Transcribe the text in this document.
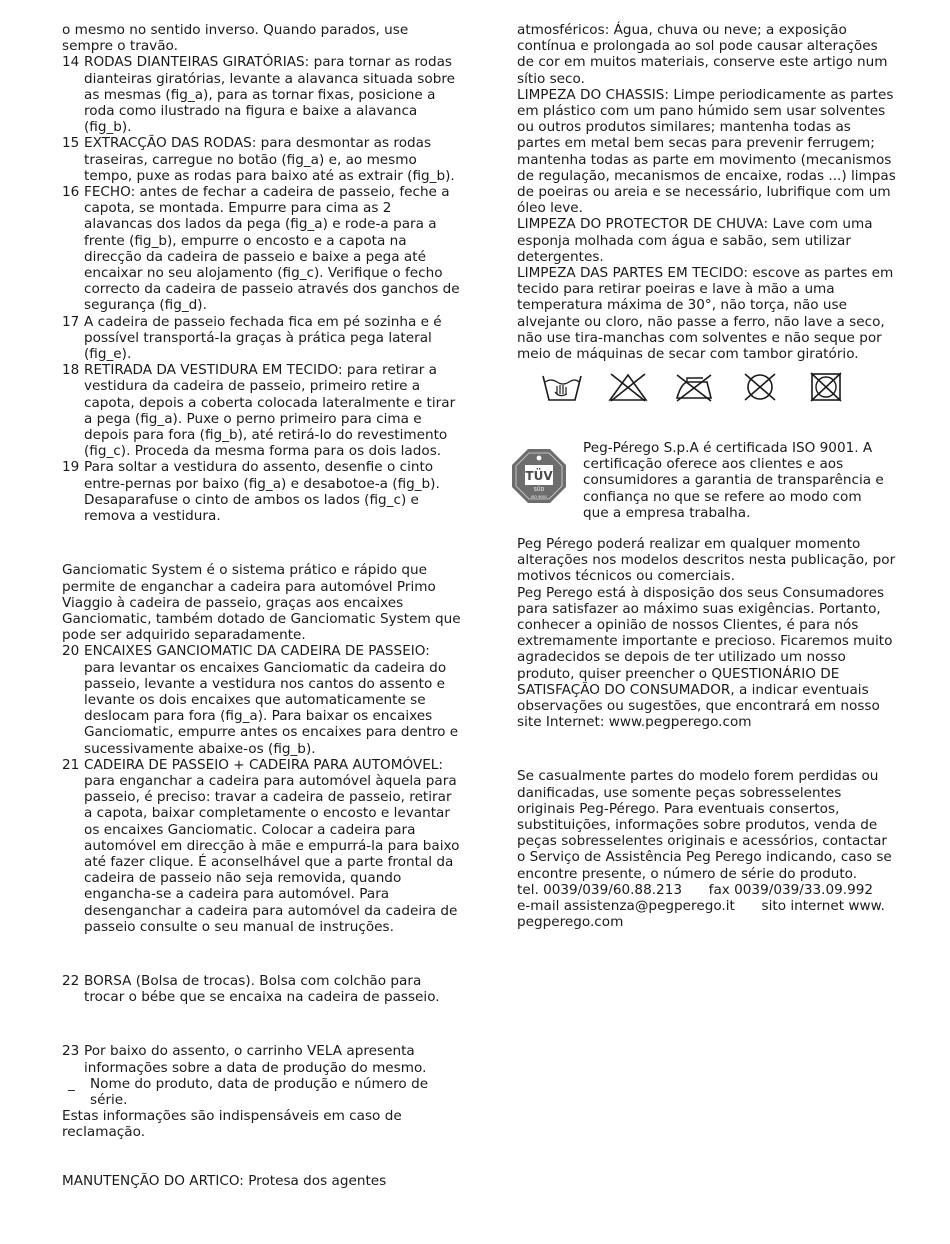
o mesmo no sentido inverso. Quando parados, use sempre o travão.

14 RODAS DIANTEIRAS GIRATÓRIAS: para tornar as rodas dianteiras giratórias, levante a alavanca situada sobre as mesmas (fig_a), para as tornar fixas, posicione a roda como ilustrado na figura e baixe a alavanca (fig_b).
15 EXTRACÇÃO DAS RODAS: para desmontar as rodas traseiras, carregue no botão (fig_a) e, ao mesmo tempo, puxe as rodas para baixo até as extrair (fig_b).
16 FECHO: antes de fechar a cadeira de passeio, feche a capota, se montada. Empurre para cima as 2 alavancas dos lados da pega (fig_a) e rode-a para a frente (fig_b), empurre o encosto e a capota na direcção da cadeira de passeio e baixe a pega até encaixar no seu alojamento (fig_c). Verifique o fecho correcto da cadeira de passeio através dos ganchos de segurança (fig_d).
17 A cadeira de passeio fechada fica em pé sozinha e é possível transportá-la graças à prática pega lateral (fig_e).
18 RETIRADA DA VESTIDURA EM TECIDO: para retirar a vestidura da cadeira de passeio, primeiro retire a capota, depois a coberta colocada lateralmente e tirar a pega (fig_a). Puxe o perno primeiro para cima e depois para fora (fig_b), até retirá-lo do revestimento (fig_c). Proceda da mesma forma para os dois lados.
19 Para soltar a vestidura do assento, desenfie o cinto entre-pernas por baixo (fig_a) e desabotoe-a (fig_b). Desaparafuse o cinto de ambos os lados (fig_c) e remova a vestidura.

Ganciomatic System é o sistema prático e rápido que permite de enganchar a cadeira para automóvel Primo Viaggio à cadeira de passeio, graças aos encaixes Ganciomatic, também dotado de Ganciomatic System que pode ser adquirido separadamente.

20 ENCAIXES GANCIOMATIC DA CADEIRA DE PASSEIO: para levantar os encaixes Ganciomatic da cadeira do passeio, levante a vestidura nos cantos do assento e levante os dois encaixes que automaticamente se deslocam para fora (fig_a). Para baixar os encaixes Ganciomatic, empurre antes os encaixes para dentro e sucessivamente abaixe-os (fig_b).
21 CADEIRA DE PASSEIO + CADEIRA PARA AUTOMÓVEL: para enganchar a cadeira para automóvel àquela para passeio, é preciso: travar a cadeira de passeio, retirar a capota, baixar completamente o encosto e levantar os encaixes Ganciomatic. Colocar a cadeira para automóvel em direcção à mãe e empurrá-la para baixo até fazer clique. É aconselhável que a parte frontal da cadeira de passeio não seja removida, quando engancha-se a cadeira para automóvel. Para desenganchar a cadeira para automóvel da cadeira de passeio consulte o seu manual de instruções.
22 BORSA (Bolsa de trocas). Bolsa com colchão para trocar o bébe que se encaixa na cadeira de passeio.
23 Por baixo do assento, o carrinho VELA apresenta informações sobre a data de produção do mesmo.
_	Nome do produto, data de produção e número de série.

Estas informações são indispensáveis em caso de reclamação.

MANUTENÇÃO DO ARTICO: Protesa dos agentes

atmosféricos: Água, chuva ou neve; a exposição contínua e prolongada ao sol pode causar alterações de cor em muitos materiais, conserve este artigo num sítio seco.

LIMPEZA DO CHASSIS: Limpe periodicamente as partes em plástico com um pano húmido sem usar solventes ou outros produtos similares; mantenha todas as partes em metal bem secas para prevenir ferrugem; mantenha todas as parte em movimento (mecanismos de regulação, mecanismos de encaixe, rodas ...) limpas de poeiras ou areia e se necessário, lubrifique com um óleo leve.

LIMPEZA DO PROTECTOR DE CHUVA: Lave com uma esponja molhada com água e sabão, sem utilizar detergentes.

LIMPEZA DAS PARTES EM TECIDO: escove as partes em tecido para retirar poeiras e lave à mão a uma temperatura máxima de 30°, não torça, não use alvejante ou cloro, não passe a ferro, não lave a seco, não use tira-manchas com solventes e não seque por meio de máquinas de secar com tambor giratório.

TÜV
SÜD
ISO 9001

Peg-Pérego S.p.A é certificada ISO 9001. A certificação oferece aos clientes e aos consumidores a garantia de transparência e confiança no que se refere ao modo com que a empresa trabalha.

Peg Pérego poderá realizar em qualquer momento alterações nos modelos descritos nesta publicação, por motivos técnicos ou comerciais.

Peg Perego está à disposição dos seus Consumadores para satisfazer ao máximo suas exigências. Portanto, conhecer a opinião de nossos Clientes, é para nós extremamente importante e precioso. Ficaremos muito agradecidos se depois de ter utilizado um nosso produto, quiser preencher o QUESTIONÁRIO DE SATISFAÇÃO DO CONSUMADOR, a indicar eventuais observações ou sugestões, que encontrará em nosso site Internet: www.pegperego.com

Se casualmente partes do modelo forem perdidas ou danificadas, use somente peças sobresselentes originais Peg-Pérego. Para eventuais consertos, substituições, informações sobre produtos, venda de peças sobresselentes originais e acessórios, contactar o Serviço de Assistência Peg Perego indicando, caso se encontre presente, o número de série do produto.

tel. 0039/039/60.88.213 fax 0039/039/33.09.992
e-mail assistenza@pegperego.it sito internet www. pegperego.com
